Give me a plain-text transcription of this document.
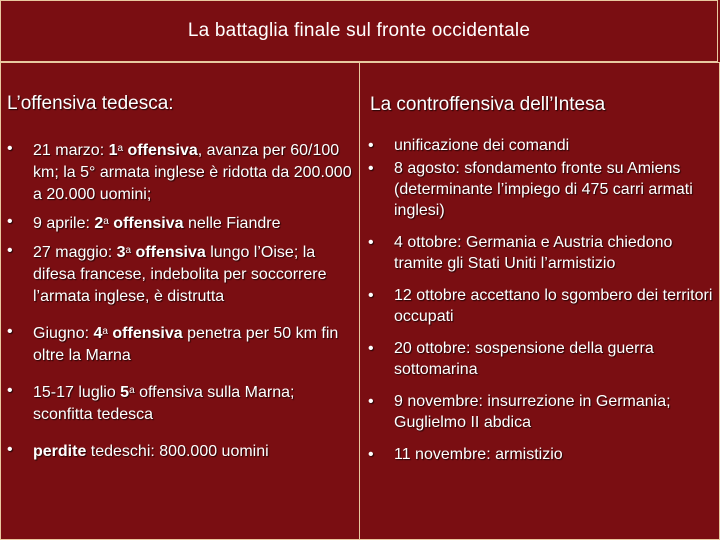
La battaglia finale sul fronte occidentale
L’offensiva tedesca:
• 21 marzo: 1$^a$ offensiva, avanza per 60/100 km; la 5° armata inglese è ridotta da 200.000 a 20.000 uomini;
• 9 aprile: 2$^a$ offensiva nelle Fiandre
• 27 maggio: 3$^a$ offensiva lungo l’Oise; la difesa francese, indebolita per soccorrere l’armata inglese, è distrutta
• Giugno: 4$^a$ offensiva penetra per 50 km fin oltre la Marna
• 15-17 luglio 5$^a$ offensiva sulla Marna; sconfitta tedesca
• perdite tedeschi: 800.000 uomini
La controffensiva dell’Intesa
• unificazione dei comandi
• 8 agosto: sfondamento fronte su Amiens (determinante l’impiego di 475 carri armati inglesi)
• 4 ottobre: Germania e Austria chiedono tramite gli Stati Uniti l’armistizio
• 12 ottobre accettano lo sgombero dei territori occupati
• 20 ottobre: sospensione della guerra sottomarina
• 9 novembre: insurrezione in Germania; Guglielmo II abdica
• 11 novembre: armistizio
